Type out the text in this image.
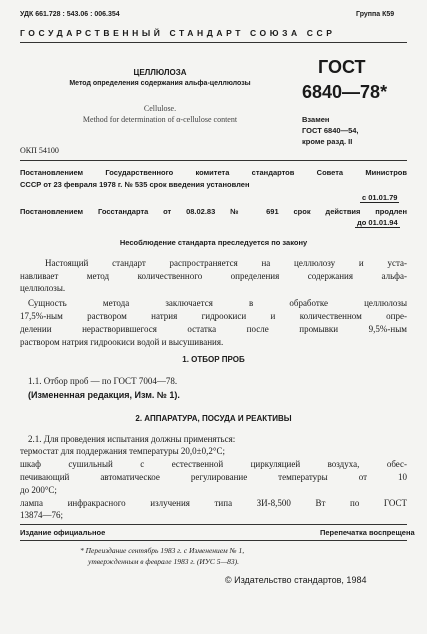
УДК 661.728 : 543.06 : 006.354	Группа К59
ГОСУДАРСТВЕННЫЙ СТАНДАРТ СОЮЗА ССР
ЦЕЛЛЮЛОЗА
Метод определения содержания альфа-целлюлозы
Cellulose.
Method for determination of α-cellulose content
ГОСТ
6840—78*
Взамен
ГОСТ 6840—54,
кроме разд. II
ОКП 54100
Постановлением Государственного комитета стандартов Совета Министров
СССР от 23 февраля 1978 г. № 535 срок введения установлен
с 01.01.79
Постановлением Госстандарта от 08.02.83 № 691 срок действия продлен
до 01.01.94
Несоблюдение стандарта преследуется по закону
Настоящий стандарт распространяется на целлюлозу и уста-
навливает метод количественного определения содержания альфа-
целлюлозы.
Сущность метода заключается в обработке целлюлозы
17,5%-ным раствором натрия гидроокиси и количественном опре-
делении нерастворившегося остатка после промывки 9,5%-ным
раствором натрия гидроокиси водой и высушивания.
1. ОТБОР ПРОБ
1.1. Отбор проб — по ГОСТ 7004—78.
(Измененная редакция, Изм. № 1).
2. АППАРАТУРА, ПОСУДА И РЕАКТИВЫ
2.1. Для проведения испытания должны применяться:
термостат для поддержания температуры 20,0±0,2°С;
шкаф сушильный с естественной циркуляцией воздуха, обес-
печивающий автоматическое регулирование температуры от 10
до 200°С;
лампа инфракрасного излучения типа ЗИ-8,500 Вт по ГОСТ
13874—76;
Издание официальное	Перепечатка воспрещена
* Переиздание сентябрь 1983 г. с Изменением № 1,
утвержденным в феврале 1983 г. (ИУС 5—83).
© Издательство стандартов, 1984
